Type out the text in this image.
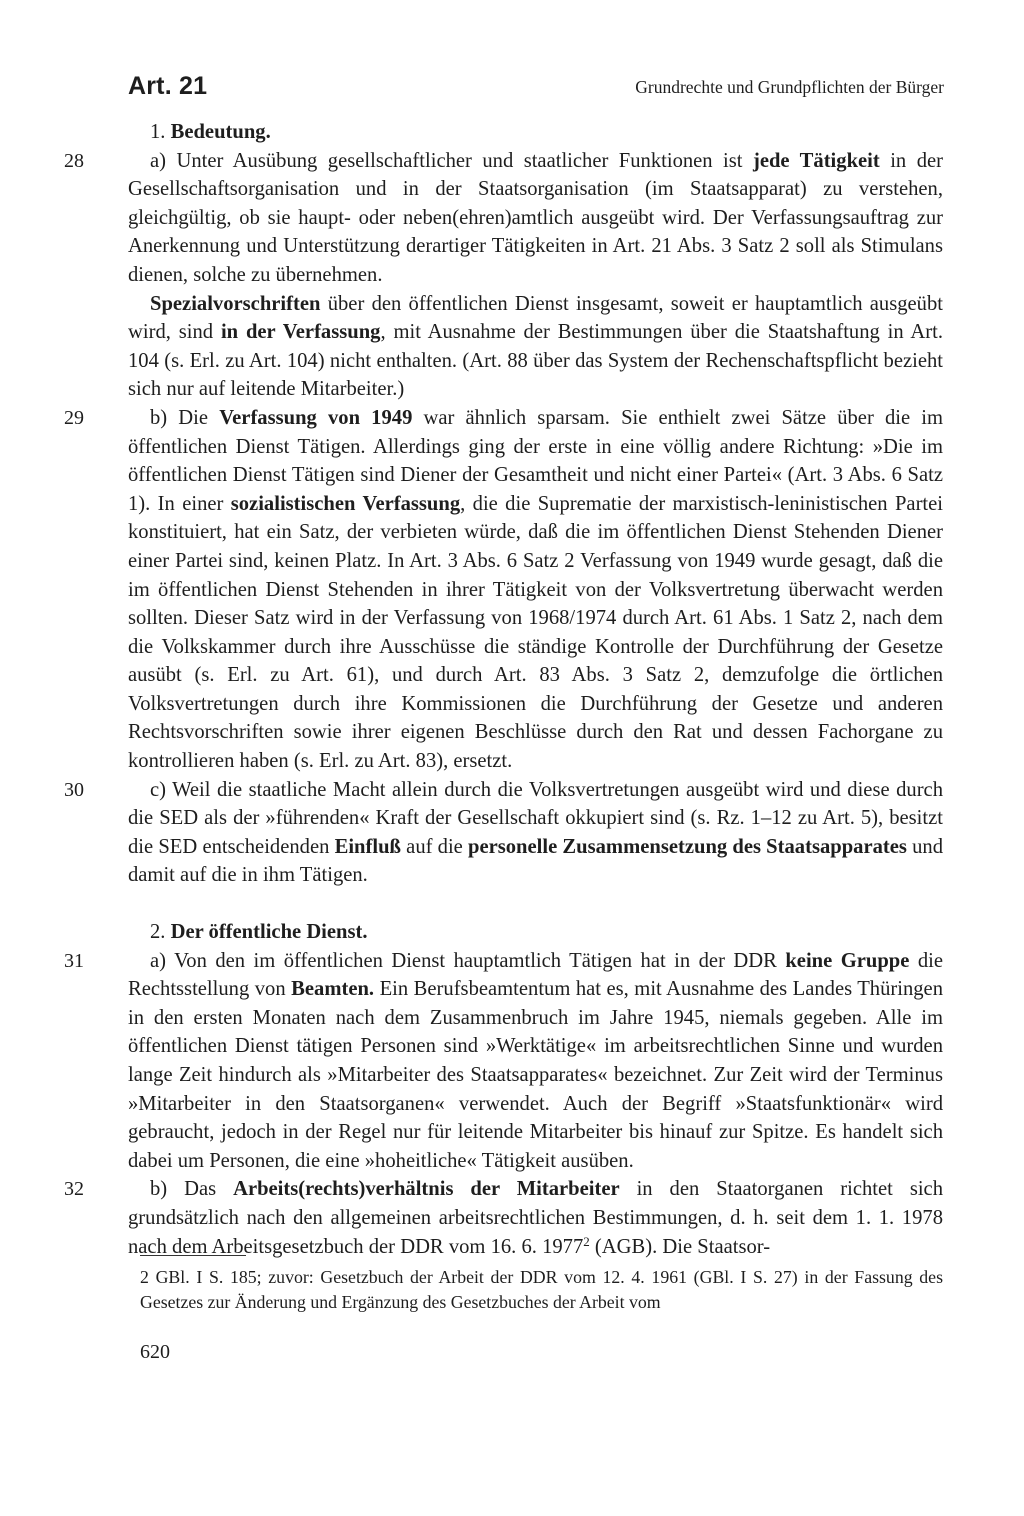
Art. 21	Grundrechte und Grundpflichten der Bürger

1. Bedeutung.

28	a) Unter Ausübung gesellschaftlicher und staatlicher Funktionen ist jede Tätigkeit in der Gesellschaftsorganisation und in der Staatsorganisation (im Staatsapparat) zu verstehen, gleichgültig, ob sie haupt- oder neben(ehren)amtlich ausgeübt wird. Der Verfassungsauftrag zur Anerkennung und Unterstützung derartiger Tätigkeiten in Art. 21 Abs. 3 Satz 2 soll als Stimulans dienen, solche zu übernehmen.

Spezialvorschriften über den öffentlichen Dienst insgesamt, soweit er hauptamtlich ausgeübt wird, sind in der Verfassung, mit Ausnahme der Bestimmungen über die Staatshaftung in Art. 104 (s. Erl. zu Art. 104) nicht enthalten. (Art. 88 über das System der Rechenschaftspflicht bezieht sich nur auf leitende Mitarbeiter.)

29	b) Die Verfassung von 1949 war ähnlich sparsam. Sie enthielt zwei Sätze über die im öffentlichen Dienst Tätigen. Allerdings ging der erste in eine völlig andere Richtung: »Die im öffentlichen Dienst Tätigen sind Diener der Gesamtheit und nicht einer Partei« (Art. 3 Abs. 6 Satz 1). In einer sozialistischen Verfassung, die die Suprematie der marxistisch-leninistischen Partei konstituiert, hat ein Satz, der verbieten würde, daß die im öffentlichen Dienst Stehenden Diener einer Partei sind, keinen Platz. In Art. 3 Abs. 6 Satz 2 Verfassung von 1949 wurde gesagt, daß die im öffentlichen Dienst Stehenden in ihrer Tätigkeit von der Volksvertretung überwacht werden sollten. Dieser Satz wird in der Verfassung von 1968/1974 durch Art. 61 Abs. 1 Satz 2, nach dem die Volkskammer durch ihre Ausschüsse die ständige Kontrolle der Durchführung der Gesetze ausübt (s. Erl. zu Art. 61), und durch Art. 83 Abs. 3 Satz 2, demzufolge die örtlichen Volksvertretungen durch ihre Kommissionen die Durchführung der Gesetze und anderen Rechtsvorschriften sowie ihrer eigenen Beschlüsse durch den Rat und dessen Fachorgane zu kontrollieren haben (s. Erl. zu Art. 83), ersetzt.

30	c) Weil die staatliche Macht allein durch die Volksvertretungen ausgeübt wird und diese durch die SED als der »führenden« Kraft der Gesellschaft okkupiert sind (s. Rz. 1–12 zu Art. 5), besitzt die SED entscheidenden Einfluß auf die personelle Zusammensetzung des Staatsapparates und damit auf die in ihm Tätigen.

2. Der öffentliche Dienst.

31	a) Von den im öffentlichen Dienst hauptamtlich Tätigen hat in der DDR keine Gruppe die Rechtsstellung von Beamten. Ein Berufsbeamtentum hat es, mit Ausnahme des Landes Thüringen in den ersten Monaten nach dem Zusammenbruch im Jahre 1945, niemals gegeben. Alle im öffentlichen Dienst tätigen Personen sind »Werktätige« im arbeitsrechtlichen Sinne und wurden lange Zeit hindurch als »Mitarbeiter des Staatsapparates« bezeichnet. Zur Zeit wird der Terminus »Mitarbeiter in den Staatsorganen« verwendet. Auch der Begriff »Staatsfunktionär« wird gebraucht, jedoch in der Regel nur für leitende Mitarbeiter bis hinauf zur Spitze. Es handelt sich dabei um Personen, die eine »hoheitliche« Tätigkeit ausüben.

32	b) Das Arbeits(rechts)verhältnis der Mitarbeiter in den Staatorganen richtet sich grundsätzlich nach den allgemeinen arbeitsrechtlichen Bestimmungen, d. h. seit dem 1. 1. 1978 nach dem Arbeitsgesetzbuch der DDR vom 16. 6. 1977$^2$ (AGB). Die Staatsor-

2 GBl. I S. 185; zuvor: Gesetzbuch der Arbeit der DDR vom 12. 4. 1961 (GBl. I S. 27) in der Fassung des Gesetzes zur Änderung und Ergänzung des Gesetzbuches der Arbeit vom

620
